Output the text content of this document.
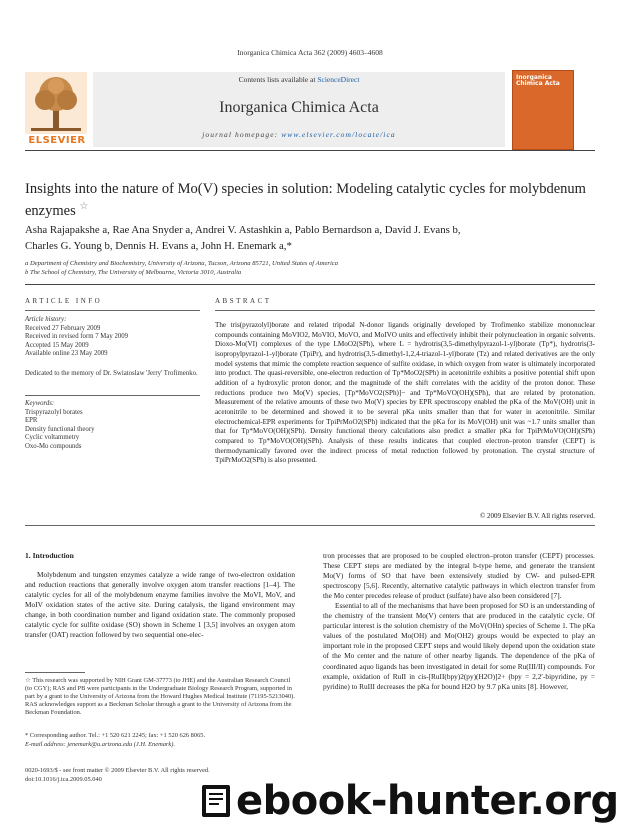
Inorganica Chimica Acta 362 (2009) 4603–4608
Contents lists available at ScienceDirect
Inorganica Chimica Acta
journal homepage: www.elsevier.com/locate/ica
ELSEVIER
Inorganica Chimica Acta
Insights into the nature of Mo(V) species in solution: Modeling catalytic cycles for molybdenum enzymes ☆
Asha Rajapakshe a, Rae Ana Snyder a, Andrei V. Astashkin a, Pablo Bernardson a, David J. Evans b,
Charles G. Young b, Dennis H. Evans a, John H. Enemark a,*
a Department of Chemistry and Biochemistry, University of Arizona, Tucson, Arizona 85721, United States of America
b The School of Chemistry, The University of Melbourne, Victoria 3010, Australia
ARTICLE INFO
Article history:
Received 27 February 2009
Received in revised form 7 May 2009
Accepted 15 May 2009
Available online 23 May 2009
Dedicated to the memory of Dr. Swiatoslaw 'Jerry' Trofimenko.
Keywords:
Trispyrazolyl borates
EPR
Density functional theory
Cyclic voltammetry
Oxo-Mo compounds
ABSTRACT
The tris(pyrazolyl)borate and related tripodal N-donor ligands originally developed by Trofimenko stabilize mononuclear compounds containing MoVIO2, MoVIO, MoVO, and MoIVO units and effectively inhibit their polynucleation in organic solvents. Dioxo-Mo(VI) complexes of the type LMoO2(SPh), where L = hydrotris(3,5-dimethylpyrazol-1-yl)borate (Tp*), hydrotris(3-isopropylpyrazol-1-yl)borate (TpiPr), and hydrotris(3,5-dimethyl-1,2,4-triazol-1-yl)borate (Tz) and related derivatives are the only model systems that mimic the complete reaction sequence of sulfite oxidase, in which oxygen from water is ultimately incorporated into product. The quasi-reversible, one-electron reduction of Tp*MoO2(SPh) in acetonitrile exhibits a positive potential shift upon addition of a hydroxylic proton donor, and the magnitude of the shift correlates with the acidity of the proton donor. These reductions produce two Mo(V) species, [Tp*MoVO2(SPh)]− and Tp*MoVO(OH)(SPh), that are related by protonation. Measurement of the relative amounts of these two Mo(V) species by EPR spectroscopy enabled the pKa of the MoV(OH) unit in acetonitrile to be determined and showed it to be several pKa units smaller than that for water in acetonitrile. Similar electrochemical-EPR experiments for TpiPrMoO2(SPh) indicated that the pKa for its MoV(OH) unit was ~1.7 units smaller than that for Tp*MoVO(OH)(SPh). Density functional theory calculations also predict a smaller pKa for TpiPrMoVO(OH)(SPh) compared to Tp*MoVO(OH)(SPh). Analysis of these results indicates that coupled electron–proton transfer (CEPT) is thermodynamically favored over the indirect process of metal reduction followed by protonation. The crystal structure of TpiPrMoO2(SPh) is also presented.
© 2009 Elsevier B.V. All rights reserved.
1. Introduction
Molybdenum and tungsten enzymes catalyze a wide range of two-electron oxidation and reduction reactions that generally involve oxygen atom transfer reactions [1–4]. The catalytic cycles for all of the molybdenum enzyme families involve the MoVI, MoV, and MoIV oxidation states of the active site. During catalysis, the ligand environment may change, in both coordination number and ligand oxidation state. The commonly proposed catalytic cycle for sulfite oxidase (SO) shown in Scheme 1 [3,5] involves an oxygen atom transfer (OAT) reaction followed by two sequential one-elec-

tron processes that are proposed to be coupled electron–proton transfer (CEPT) processes. These CEPT steps are mediated by the integral b-type heme, and generate the transient Mo(V) forms of SO that have been extensively studied by CW- and pulsed-EPR spectroscopy [5,6]. Recently, alternative catalytic pathways in which electron transfer from the Mo center precedes release of product (sulfate) have also been considered [7].

Essential to all of the mechanisms that have been proposed for SO is an understanding of the chemistry of the transient Mo(V) centers that are produced in the catalytic cycle. Of particular interest is the solution chemistry of the MoV(OHn) species of Scheme 1. The pKa values of the postulated Mo(OH) and Mo(OH2) groups would be expected to play an important role in the proposed CEPT steps and would likely depend upon the oxidation state of the Mo center and the nature of other nearby ligands. The dependence of the pKa of coordinated aquo ligands has been investigated in detail for some Ru(III/II) compounds. For example, oxidation of RuII in cis-[RuII(bpy)2(py)(H2O)]2+ (bpy = 2,2′-bipyridine, py = pyridine) to RuIII decreases the pKa for bound H2O by 9.7 pKa units [8]. However,

☆ This research was supported by NIH Grant GM-37773 (to JHE) and the Australian Research Council (to CGY); RAS and PB were participants in the Undergraduate Biology Research Program, supported in part by a grant to the University of Arizona from the Howard Hughes Medical Institute (71195-5213040). RAS acknowledges support as a Beckman Scholar through a grant to the University of Arizona from the Beckman Foundation.
* Corresponding author. Tel.: +1 520 621 2245; fax: +1 520 626 8065.
E-mail address: jenemark@u.arizona.edu (J.H. Enemark).
0020-1693/$ - see front matter © 2009 Elsevier B.V. All rights reserved.
doi:10.1016/j.ica.2009.05.040	ebook-hunter.org
